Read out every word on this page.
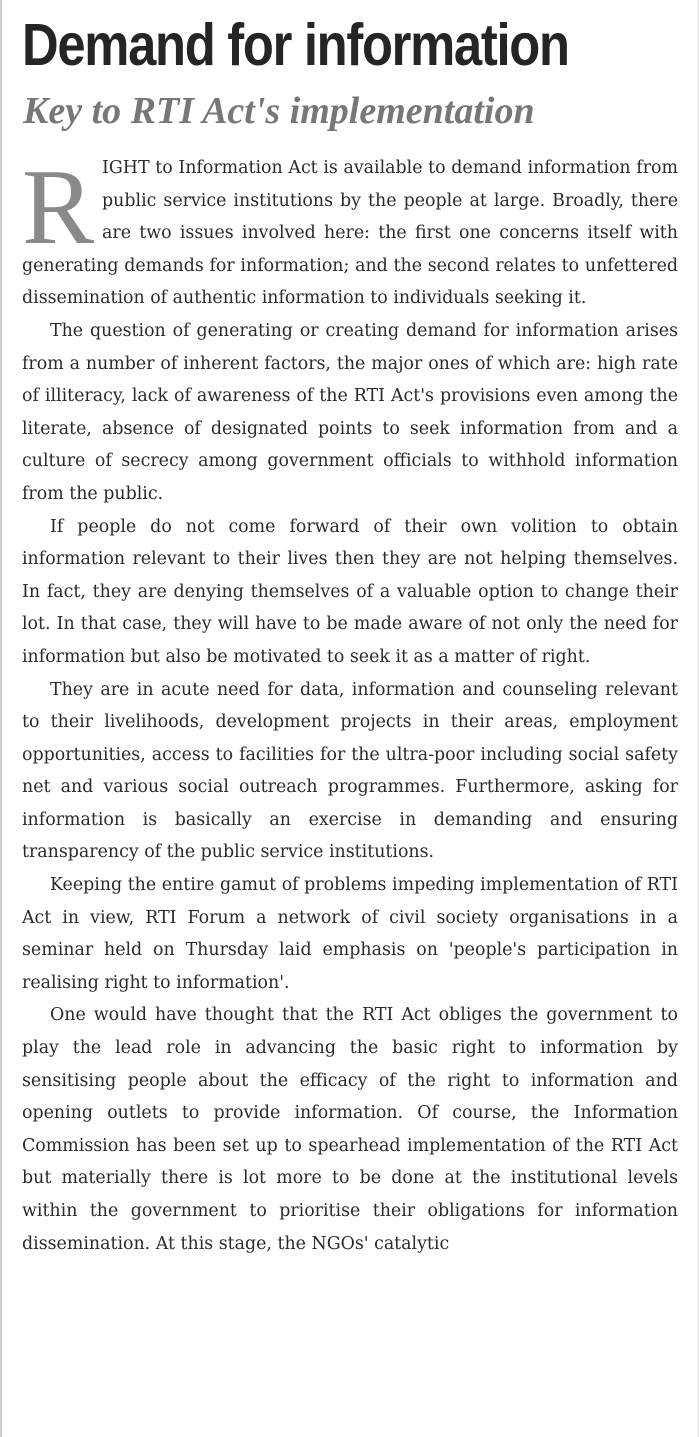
Demand for information
Key to RTI Act's implementation

RIGHT to Information Act is available to demand information from public service institutions by the people at large. Broadly, there are two issues involved here: the first one concerns itself with generating demands for information; and the second relates to unfettered dissemination of authentic information to individuals seeking it.

The question of generating or creating demand for information arises from a number of inherent factors, the major ones of which are: high rate of illiteracy, lack of awareness of the RTI Act's provisions even among the literate, absence of designated points to seek information from and a culture of secrecy among government officials to withhold information from the public.

If people do not come forward of their own volition to obtain information relevant to their lives then they are not helping themselves. In fact, they are denying themselves of a valuable option to change their lot. In that case, they will have to be made aware of not only the need for information but also be motivated to seek it as a matter of right.

They are in acute need for data, information and counseling relevant to their livelihoods, development projects in their areas, employment opportunities, access to facilities for the ultra-poor including social safety net and various social outreach programmes. Furthermore, asking for information is basically an exercise in demanding and ensuring transparency of the public service institutions.

Keeping the entire gamut of problems impeding implementation of RTI Act in view, RTI Forum a network of civil society organisations in a seminar held on Thursday laid emphasis on 'people's participation in realising right to information'.

One would have thought that the RTI Act obliges the government to play the lead role in advancing the basic right to information by sensitising people about the efficacy of the right to information and opening outlets to provide information. Of course, the Information Commission has been set up to spearhead implementation of the RTI Act but materially there is lot more to be done at the institutional levels within the government to prioritise their obligations for information dissemination. At this stage, the NGOs' catalytic
